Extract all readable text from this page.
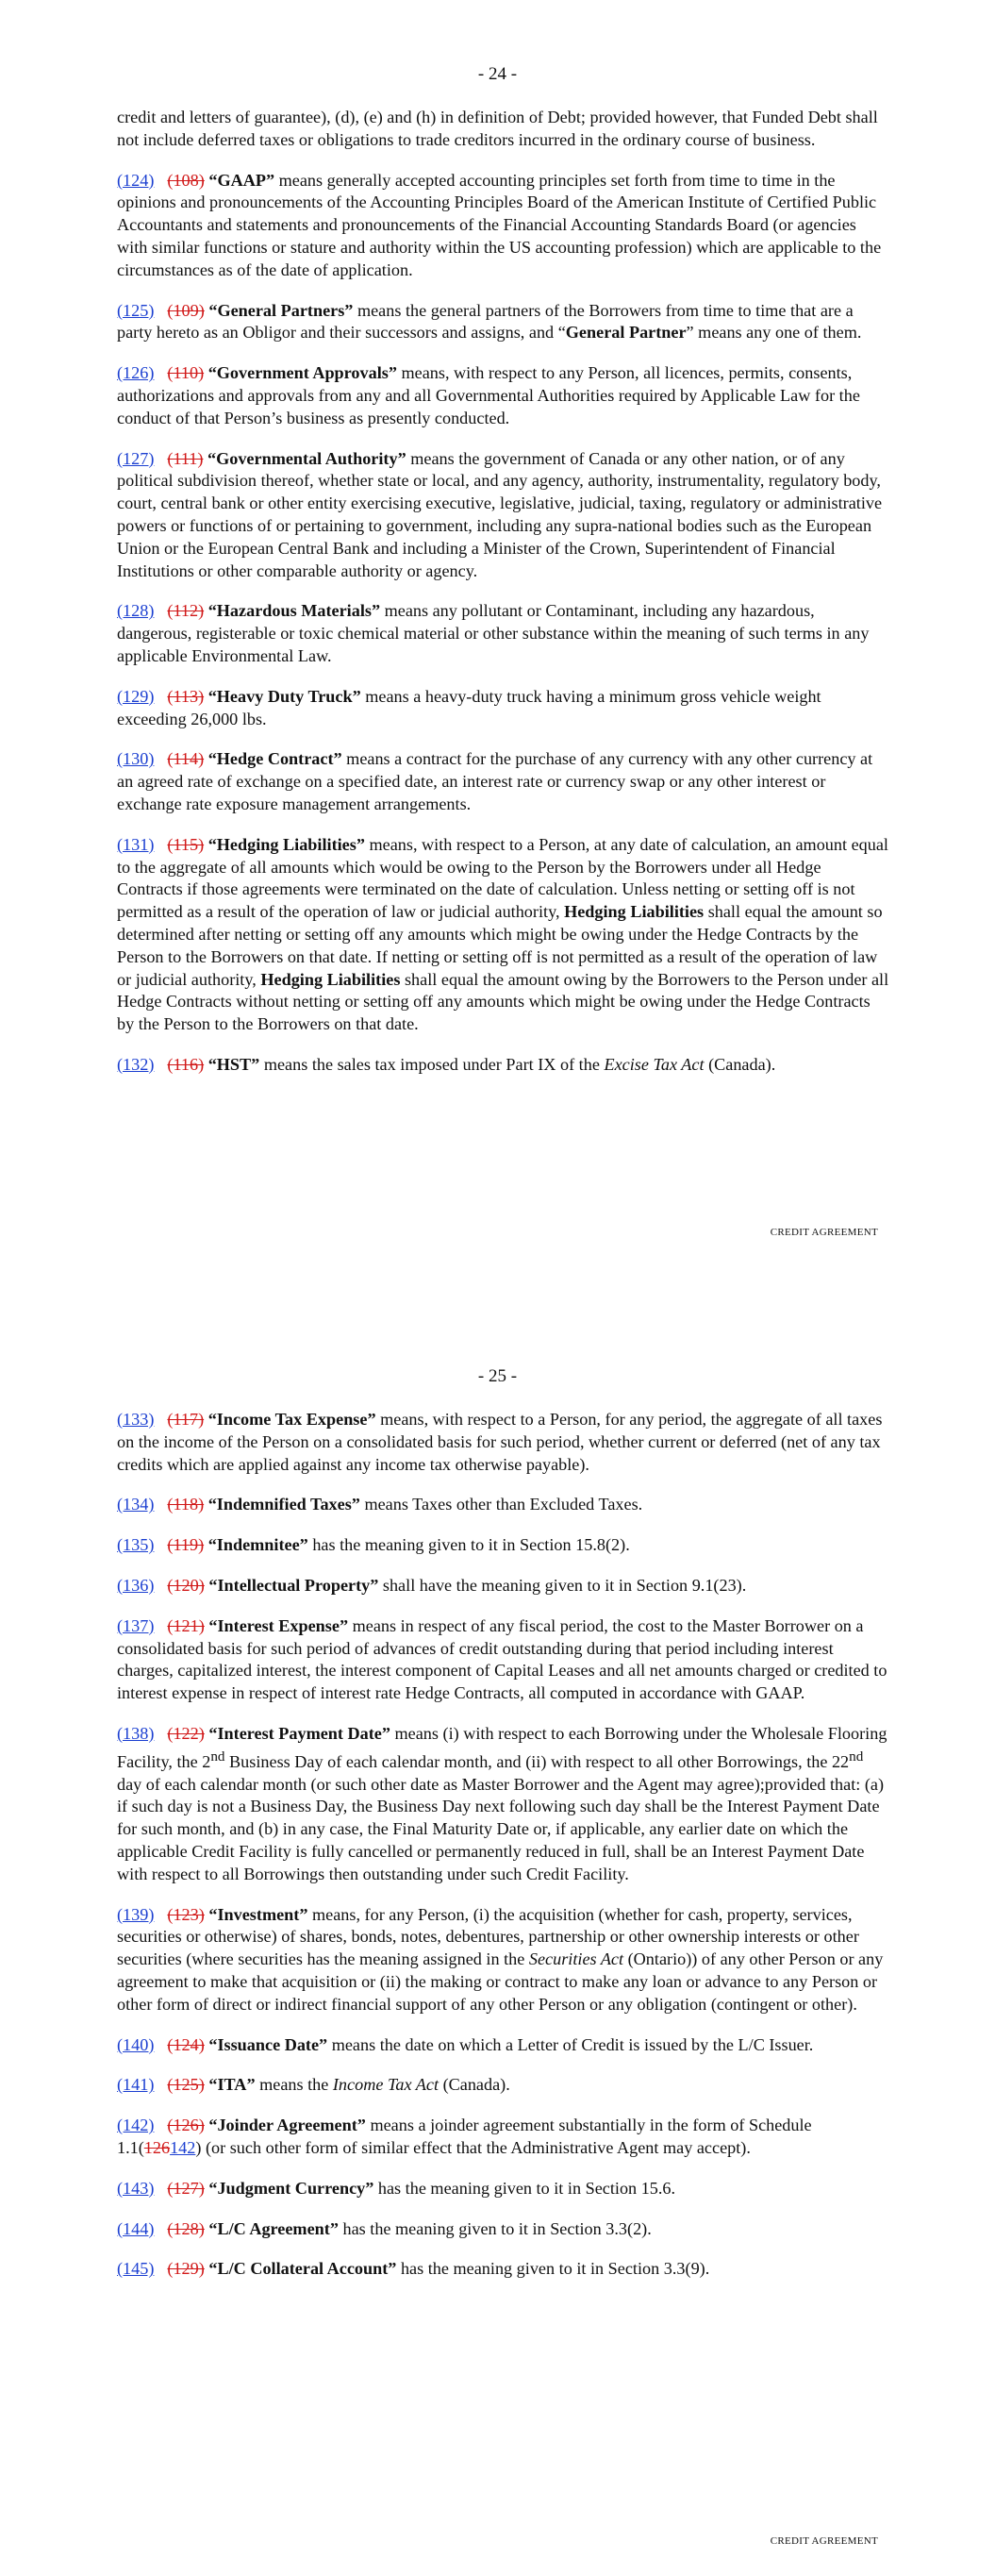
- 24 -

credit and letters of guarantee), (d), (e) and (h) in definition of Debt; provided however, that Funded Debt shall not include deferred taxes or obligations to trade creditors incurred in the ordinary course of business.

(124) (108) “GAAP” means generally accepted accounting principles set forth from time to time in the opinions and pronouncements of the Accounting Principles Board of the American Institute of Certified Public Accountants and statements and pronouncements of the Financial Accounting Standards Board (or agencies with similar functions or stature and authority within the US accounting profession) which are applicable to the circumstances as of the date of application.

(125) (109) “General Partners” means the general partners of the Borrowers from time to time that are a party hereto as an Obligor and their successors and assigns, and “General Partner” means any one of them.

(126) (110) “Government Approvals” means, with respect to any Person, all licences, permits, consents, authorizations and approvals from any and all Governmental Authorities required by Applicable Law for the conduct of that Person’s business as presently conducted.

(127) (111) “Governmental Authority” means the government of Canada or any other nation, or of any political subdivision thereof, whether state or local, and any agency, authority, instrumentality, regulatory body, court, central bank or other entity exercising executive, legislative, judicial, taxing, regulatory or administrative powers or functions of or pertaining to government, including any supra-national bodies such as the European Union or the European Central Bank and including a Minister of the Crown, Superintendent of Financial Institutions or other comparable authority or agency.

(128) (112) “Hazardous Materials” means any pollutant or Contaminant, including any hazardous, dangerous, registerable or toxic chemical material or other substance within the meaning of such terms in any applicable Environmental Law.

(129) (113) “Heavy Duty Truck” means a heavy-duty truck having a minimum gross vehicle weight exceeding 26,000 lbs.

(130) (114) “Hedge Contract” means a contract for the purchase of any currency with any other currency at an agreed rate of exchange on a specified date, an interest rate or currency swap or any other interest or exchange rate exposure management arrangements.

(131) (115) “Hedging Liabilities” means, with respect to a Person, at any date of calculation, an amount equal to the aggregate of all amounts which would be owing to the Person by the Borrowers under all Hedge Contracts if those agreements were terminated on the date of calculation. Unless netting or setting off is not permitted as a result of the operation of law or judicial authority, Hedging Liabilities shall equal the amount so determined after netting or setting off any amounts which might be owing under the Hedge Contracts by the Person to the Borrowers on that date. If netting or setting off is not permitted as a result of the operation of law or judicial authority, Hedging Liabilities shall equal the amount owing by the Borrowers to the Person under all Hedge Contracts without netting or setting off any amounts which might be owing under the Hedge Contracts by the Person to the Borrowers on that date.

(132) (116) “HST” means the sales tax imposed under Part IX of the Excise Tax Act (Canada).

CREDIT AGREEMENT
- 25 -

(133) (117) “Income Tax Expense” means, with respect to a Person, for any period, the aggregate of all taxes on the income of the Person on a consolidated basis for such period, whether current or deferred (net of any tax credits which are applied against any income tax otherwise payable).

(134) (118) “Indemnified Taxes” means Taxes other than Excluded Taxes.

(135) (119) “Indemnitee” has the meaning given to it in Section 15.8(2).

(136) (120) “Intellectual Property” shall have the meaning given to it in Section 9.1(23).

(137) (121) “Interest Expense” means in respect of any fiscal period, the cost to the Master Borrower on a consolidated basis for such period of advances of credit outstanding during that period including interest charges, capitalized interest, the interest component of Capital Leases and all net amounts charged or credited to interest expense in respect of interest rate Hedge Contracts, all computed in accordance with GAAP.

(138) (122) “Interest Payment Date” means (i) with respect to each Borrowing under the Wholesale Flooring Facility, the 2nd Business Day of each calendar month, and (ii) with respect to all other Borrowings, the 22nd day of each calendar month (or such other date as Master Borrower and the Agent may agree);provided that: (a) if such day is not a Business Day, the Business Day next following such day shall be the Interest Payment Date for such month, and (b) in any case, the Final Maturity Date or, if applicable, any earlier date on which the applicable Credit Facility is fully cancelled or permanently reduced in full, shall be an Interest Payment Date with respect to all Borrowings then outstanding under such Credit Facility.

(139) (123) “Investment” means, for any Person, (i) the acquisition (whether for cash, property, services, securities or otherwise) of shares, bonds, notes, debentures, partnership or other ownership interests or other securities (where securities has the meaning assigned in the Securities Act (Ontario)) of any other Person or any agreement to make that acquisition or (ii) the making or contract to make any loan or advance to any Person or other form of direct or indirect financial support of any other Person or any obligation (contingent or other).

(140) (124) “Issuance Date” means the date on which a Letter of Credit is issued by the L/C Issuer.

(141) (125) “ITA” means the Income Tax Act (Canada).

(142) (126) “Joinder Agreement” means a joinder agreement substantially in the form of Schedule 1.1(126142) (or such other form of similar effect that the Administrative Agent may accept).

(143) (127) “Judgment Currency” has the meaning given to it in Section 15.6.

(144) (128) “L/C Agreement” has the meaning given to it in Section 3.3(2).

(145) (129) “L/C Collateral Account” has the meaning given to it in Section 3.3(9).

CREDIT AGREEMENT
